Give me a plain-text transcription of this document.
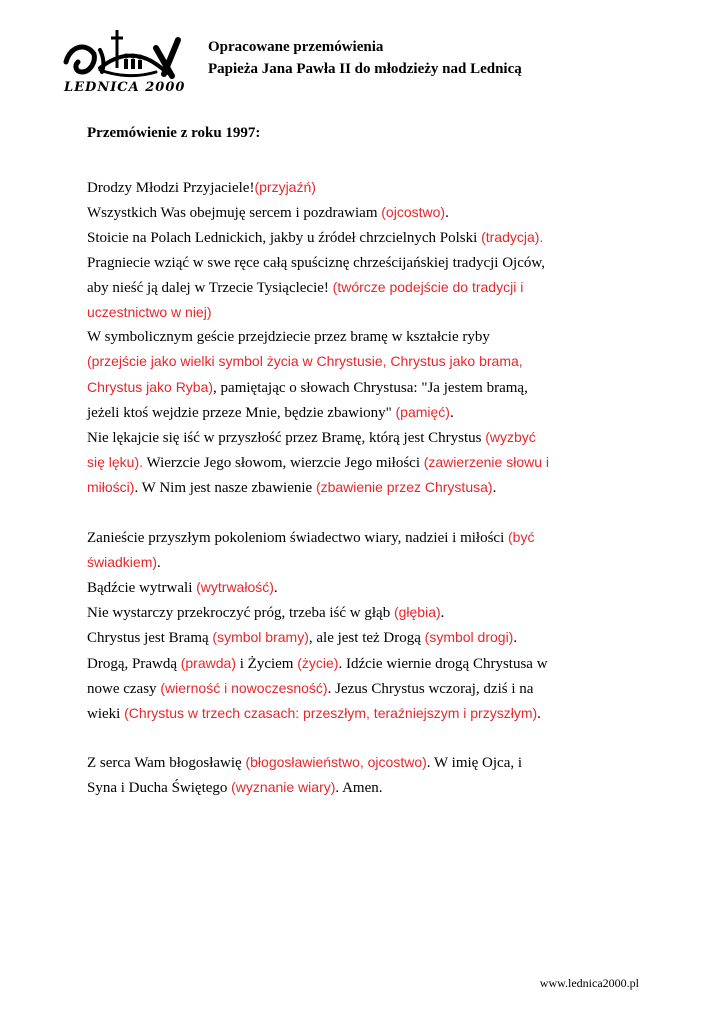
LEDNICA 2000
Opracowane przemówienia
Papieża Jana Pawła II do młodzieży nad Lednicą
Przemówienie z roku 1997:
Drodzy Młodzi Przyjaciele!(przyjaźń)
Wszystkich Was obejmuję sercem i pozdrawiam (ojcostwo).
Stoicie na Polach Lednickich, jakby u źródeł chrzcielnych Polski (tradycja).
Pragniecie wziąć w swe ręce całą spuściznę chrześcijańskiej tradycji Ojców,
aby nieść ją dalej w Trzecie Tysiąclecie! (twórcze podejście do tradycji i
uczestnictwo w niej)
W symbolicznym geście przejdziecie przez bramę w kształcie ryby
(przejście jako wielki symbol życia w Chrystusie, Chrystus jako brama,
Chrystus jako Ryba), pamiętając o słowach Chrystusa: "Ja jestem bramą,
jeżeli ktoś wejdzie przeze Mnie, będzie zbawiony" (pamięć).
Nie lękajcie się iść w przyszłość przez Bramę, którą jest Chrystus (wyzbyć
się lęku). Wierzcie Jego słowom, wierzcie Jego miłości (zawierzenie słowu i
miłości). W Nim jest nasze zbawienie (zbawienie przez Chrystusa).
Zanieście przyszłym pokoleniom świadectwo wiary, nadziei i miłości (być
świadkiem).
Bądźcie wytrwali (wytrwałość).
Nie wystarczy przekroczyć próg, trzeba iść w głąb (głębia).
Chrystus jest Bramą (symbol bramy), ale jest też Drogą (symbol drogi).
Drogą, Prawdą (prawda) i Życiem (życie). Idźcie wiernie drogą Chrystusa w
nowe czasy (wierność i nowoczesność). Jezus Chrystus wczoraj, dziś i na
wieki (Chrystus w trzech czasach: przeszłym, teraźniejszym i przyszłym).
Z serca Wam błogosławię (błogosławieństwo, ojcostwo). W imię Ojca, i
Syna i Ducha Świętego (wyznanie wiary). Amen.
www.lednica2000.pl
